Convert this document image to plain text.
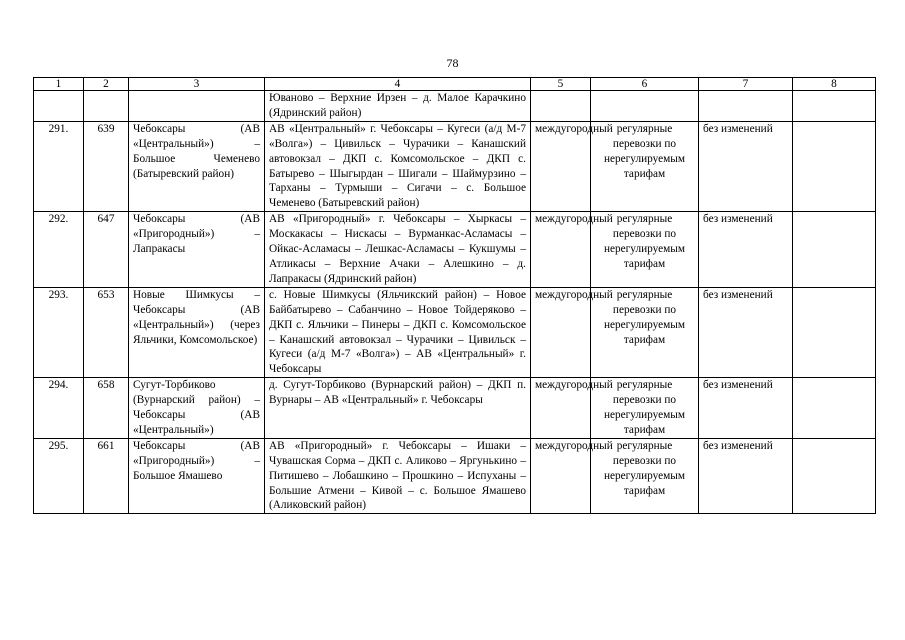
78
1	2	3	4	5	6	7	8
			Юваново – Верхние Ирзен – д. Малое Карачкино (Ядринский район)				
291.	639	Чебоксары (АВ «Центральный») – Большое Чеменево (Батыревский район)	АВ «Центральный» г. Чебоксары – Кугеси (а/д М-7 «Волга») – Цивильск – Чурачики – Канашский автовокзал – ДКП с. Комсомольское – ДКП с. Батырево – Шыгырдан – Шигали – Шаймурзино – Тарханы – Турмыши – Сигачи – с. Большое Чеменево (Батыревский район)	междугородный	регулярные перевозки по нерегулируемым тарифам	без изменений	
292.	647	Чебоксары (АВ «Пригородный») – Лапракасы	АВ «Пригородный» г. Чебоксары – Хыркасы – Москакасы – Нискасы – Вурманкас-Асламасы – Ойкас-Асламасы – Лешкас-Асламасы – Кукшумы – Атликасы – Верхние Ачаки – Алешкино – д. Лапракасы (Ядринский район)	междугородный	регулярные перевозки по нерегулируемым тарифам	без изменений	
293.	653	Новые Шимкусы – Чебоксары (АВ «Центральный») (через Яльчики, Комсомольское)	с. Новые Шимкусы (Яльчикский район) – Новое Байбатырево – Сабанчино – Новое Тойдеряково – ДКП с. Яльчики – Пинеры – ДКП с. Комсомольское – Канашский автовокзал – Чурачики – Цивильск – Кугеси (а/д М-7 «Волга») – АВ «Центральный» г. Чебоксары	междугородный	регулярные перевозки по нерегулируемым тарифам	без изменений	
294.	658	Сугут-Торбиково (Вурнарский район) – Чебоксары (АВ «Центральный»)	д. Сугут-Торбиково (Вурнарский район) – ДКП п. Вурнары – АВ «Центральный» г. Чебоксары	междугородный	регулярные перевозки по нерегулируемым тарифам	без изменений	
295.	661	Чебоксары (АВ «Пригородный») – Большое Ямашево	АВ «Пригородный» г. Чебоксары – Ишаки – Чувашская Сорма – ДКП с. Аликово – Яргунькино – Питишево – Лобашкино – Прошкино – Испуханы – Большие Атмени – Кивой – с. Большое Ямашево (Аликовский район)	междугородный	регулярные перевозки по нерегулируемым тарифам	без изменений	
